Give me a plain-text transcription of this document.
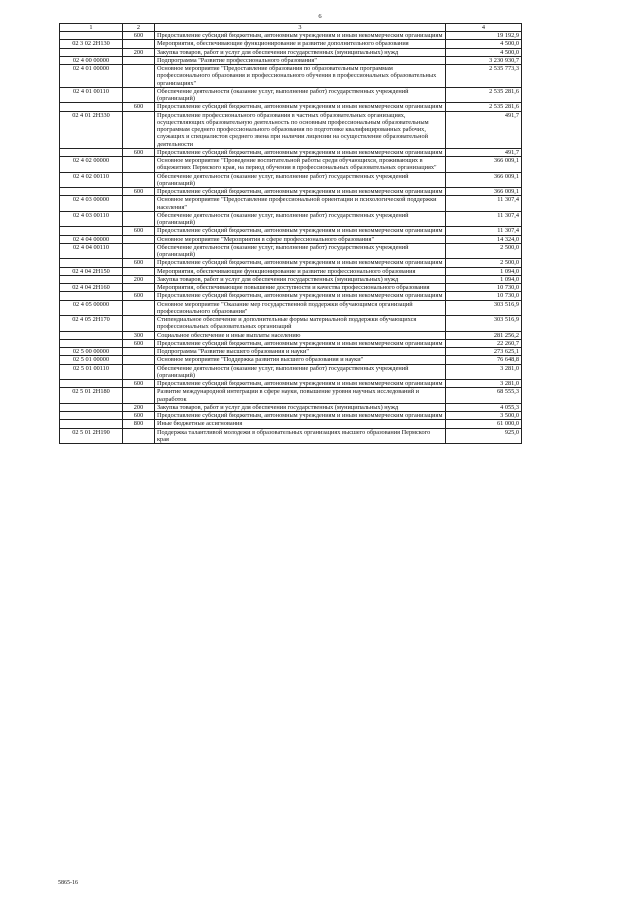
6
1	2	3	4
	600	Предоставление субсидий бюджетным, автономным учреждениям и иным некоммерческим организациям	19 192,9
02 3 02 2Н130		Мероприятия, обеспечивающие функционирование и развитие дополнительного образования	4 500,0
	200	Закупка товаров, работ и услуг для обеспечения государственных (муниципальных) нужд	4 500,0
02 4 00 00000		Подпрограмма "Развитие профессионального образования"	3 230 930,7
02 4 01 00000		Основное мероприятие "Предоставление образования по образовательным программам профессионального образования и профессионального обучения в профессиональных образовательных организациях"	2 535 773,3
02 4 01 00110		Обеспечение деятельности (оказание услуг, выполнение работ) государственных учреждений (организаций)	2 535 281,6
	600	Предоставление субсидий бюджетным, автономным учреждениям и иным некоммерческим организациям	2 535 281,6
02 4 01 2Н330		Предоставление профессионального образования в частных образовательных организациях, осуществляющих образовательную деятельность по основным профессиональным образовательным программам среднего профессионального образования по подготовке квалифицированных рабочих, служащих и специалистов среднего звена при наличии лицензии на осуществление образовательной деятельности	491,7
	600	Предоставление субсидий бюджетным, автономным учреждениям и иным некоммерческим организациям	491,7
02 4 02 00000		Основное мероприятие "Проведение воспитательной работы среди обучающихся, проживающих в общежитиях Пермского края, на период обучения в профессиональных образовательных организациях"	366 009,1
02 4 02 00110		Обеспечение деятельности (оказание услуг, выполнение работ) государственных учреждений (организаций)	366 009,1
	600	Предоставление субсидий бюджетным, автономным учреждениям и иным некоммерческим организациям	366 009,1
02 4 03 00000		Основное мероприятие "Предоставление профессиональной ориентации и психологической поддержки населения"	11 307,4
02 4 03 00110		Обеспечение деятельности (оказание услуг, выполнение работ) государственных учреждений (организаций)	11 307,4
	600	Предоставление субсидий бюджетным, автономным учреждениям и иным некоммерческим организациям	11 307,4
02 4 04 00000		Основное мероприятие "Мероприятия в сфере профессионального образования"	14 324,0
02 4 04 00110		Обеспечение деятельности (оказание услуг, выполнение работ) государственных учреждений (организаций)	2 500,0
	600	Предоставление субсидий бюджетным, автономным учреждениям и иным некоммерческим организациям	2 500,0
02 4 04 2Н150		Мероприятия, обеспечивающие функционирование и развитие профессионального образования	1 094,0
	200	Закупка товаров, работ и услуг для обеспечения государственных (муниципальных) нужд	1 094,0
02 4 04 2Н160		Мероприятия, обеспечивающие повышение доступности и качества профессионального образования	10 730,0
	600	Предоставление субсидий бюджетным, автономным учреждениям и иным некоммерческим организациям	10 730,0
02 4 05 00000		Основное мероприятие "Оказание мер государственной поддержки обучающимся организаций профессионального образования"	303 516,9
02 4 05 2Н170		Стипендиальное обеспечение и дополнительные формы материальной поддержки обучающихся профессиональных образовательных организаций	303 516,9
	300	Социальное обеспечение и иные выплаты населению	281 256,2
	600	Предоставление субсидий бюджетным, автономным учреждениям и иным некоммерческим организациям	22 260,7
02 5 00 00000		Подпрограмма "Развитие высшего образования и науки"	273 625,1
02 5 01 00000		Основное мероприятие "Поддержка развития высшего образования и науки"	76 648,8
02 5 01 00110		Обеспечение деятельности (оказание услуг, выполнение работ) государственных учреждений (организаций)	3 281,0
	600	Предоставление субсидий бюджетным, автономным учреждениям и иным некоммерческим организациям	3 281,0
02 5 01 2Н180		Развитие международной интеграции в сфере науки, повышение уровня научных исследований и разработок	68 555,3
	200	Закупка товаров, работ и услуг для обеспечения государственных (муниципальных) нужд	4 055,3
	600	Предоставление субсидий бюджетным, автономным учреждениям и иным некоммерческим организациям	3 500,0
	800	Иные бюджетные ассигнования	61 000,0
02 5 01 2Н190		Поддержка талантливой молодежи в образовательных организациях высшего образования Пермского края	925,0
5865-16
